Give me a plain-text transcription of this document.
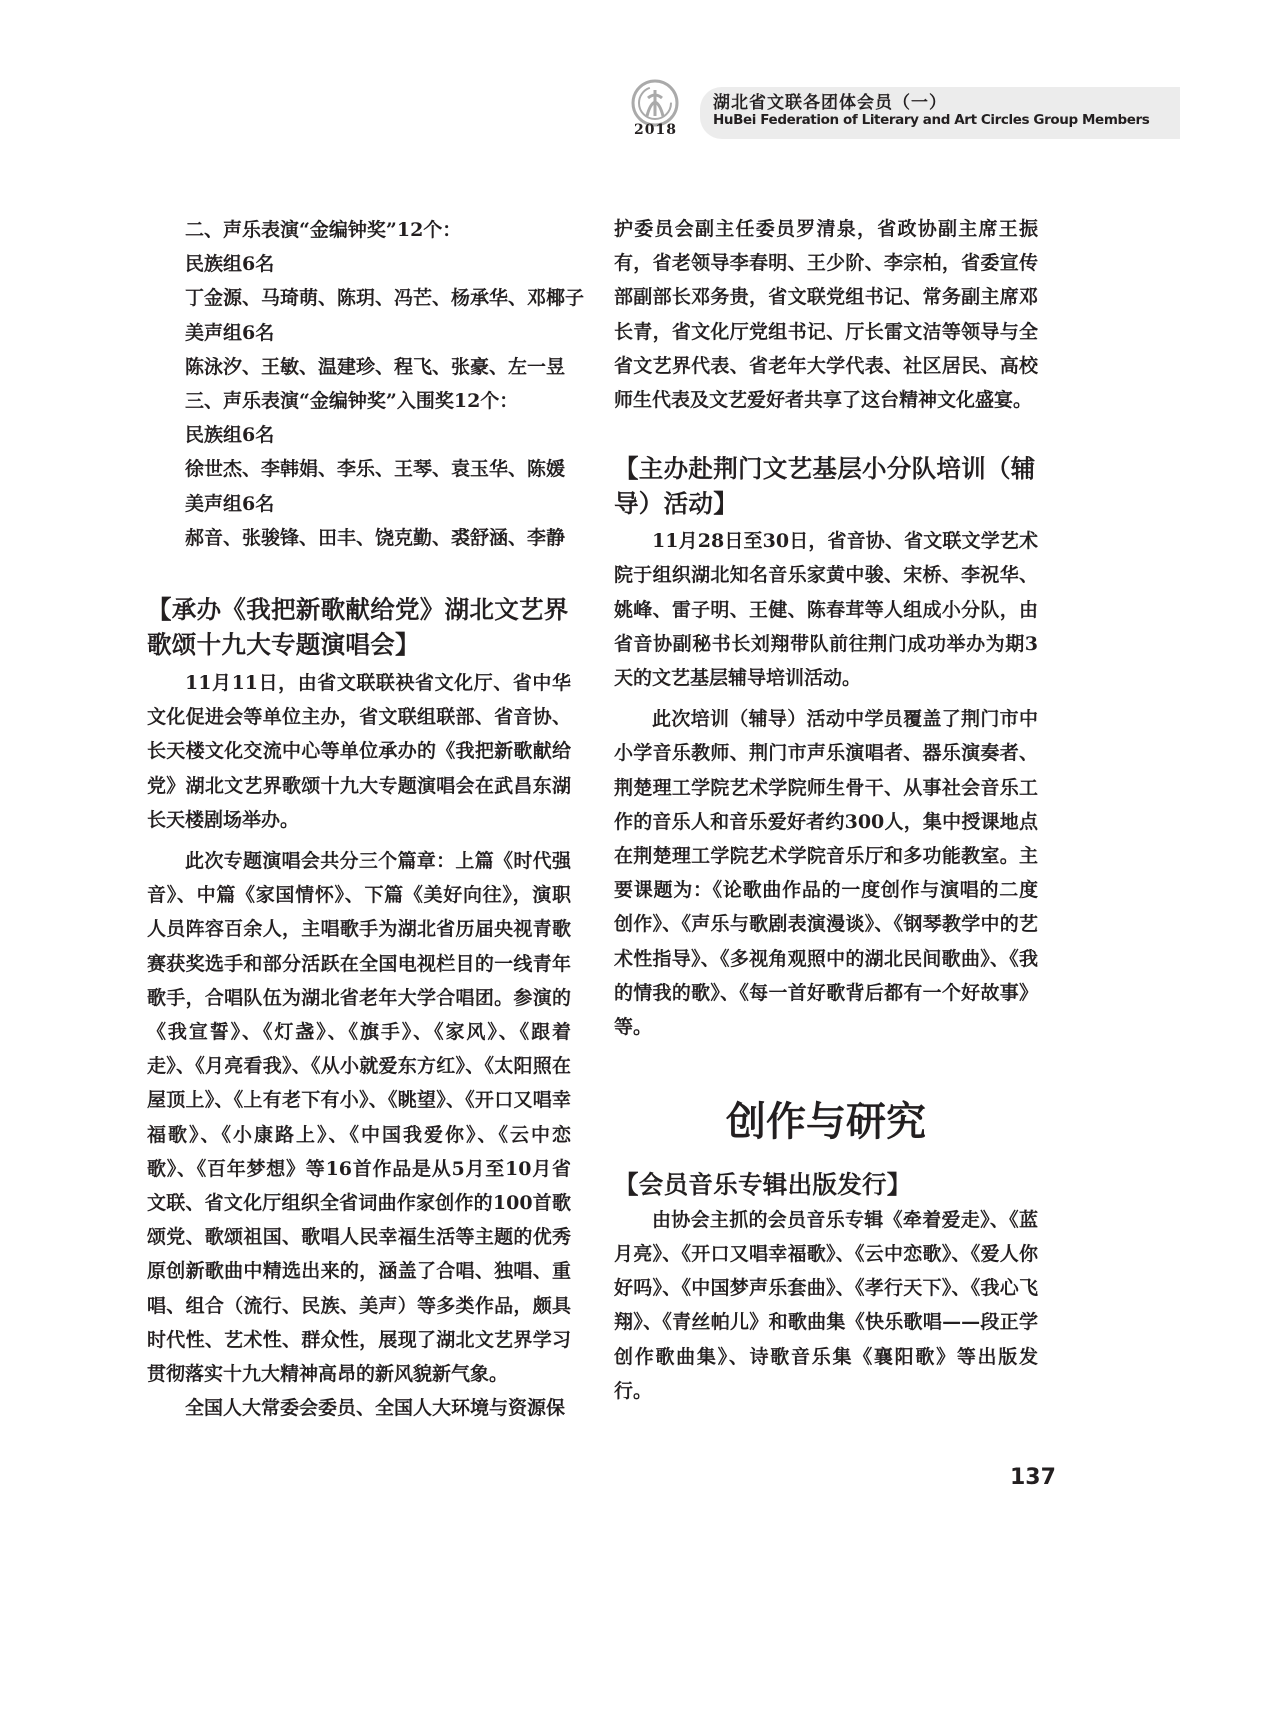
2018
湖北省文联各团体会员（一）
HuBei Federation of Literary and Art Circles Group Members
二、声乐表演“金编钟奖”12个：
民族组6名
丁金源、马琦萌、陈玥、冯芒、杨承华、邓椰子
美声组6名
陈泳汐、王敏、温建珍、程飞、张豪、左一昱
三、声乐表演“金编钟奖”入围奖12个：
民族组6名
徐世杰、李韩娟、李乐、王琴、袁玉华、陈媛
美声组6名
郝音、张骏锋、田丰、饶克勤、裘舒涵、李静
【承办《我把新歌献给党》湖北文艺界歌颂十九大专题演唱会】

11月11日，由省文联联袂省文化厅、省中华文化促进会等单位主办，省文联组联部、省音协、长天楼文化交流中心等单位承办的《我把新歌献给党》湖北文艺界歌颂十九大专题演唱会在武昌东湖长天楼剧场举办。

此次专题演唱会共分三个篇章：上篇《时代强音》、中篇《家国情怀》、下篇《美好向往》，演职人员阵容百余人，主唱歌手为湖北省历届央视青歌赛获奖选手和部分活跃在全国电视栏目的一线青年歌手，合唱队伍为湖北省老年大学合唱团。参演的《我宣誓》、《灯盏》、《旗手》、《家风》、《跟着走》、《月亮看我》、《从小就爱东方红》、《太阳照在屋顶上》、《上有老下有小》、《眺望》、《开口又唱幸福歌》、《小康路上》、《中国我爱你》、《云中恋歌》、《百年梦想》等16首作品是从5月至10月省文联、省文化厅组织全省词曲作家创作的100首歌颂党、歌颂祖国、歌唱人民幸福生活等主题的优秀原创新歌曲中精选出来的，涵盖了合唱、独唱、重唱、组合（流行、民族、美声）等多类作品，颇具时代性、艺术性、群众性，展现了湖北文艺界学习贯彻落实十九大精神高昂的新风貌新气象。

全国人大常委会委员、全国人大环境与资源保

护委员会副主任委员罗清泉，省政协副主席王振有，省老领导李春明、王少阶、李宗柏，省委宣传部副部长邓务贵，省文联党组书记、常务副主席邓长青，省文化厅党组书记、厅长雷文洁等领导与全省文艺界代表、省老年大学代表、社区居民、高校师生代表及文艺爱好者共享了这台精神文化盛宴。

【主办赴荆门文艺基层小分队培训（辅导）活动】

11月28日至30日，省音协、省文联文学艺术院于组织湖北知名音乐家黄中骏、宋桥、李祝华、姚峰、雷子明、王健、陈春茸等人组成小分队，由省音协副秘书长刘翔带队前往荆门成功举办为期3天的文艺基层辅导培训活动。

此次培训（辅导）活动中学员覆盖了荆门市中小学音乐教师、荆门市声乐演唱者、器乐演奏者、荆楚理工学院艺术学院师生骨干、从事社会音乐工作的音乐人和音乐爱好者约300人，集中授课地点在荆楚理工学院艺术学院音乐厅和多功能教室。主要课题为：《论歌曲作品的一度创作与演唱的二度创作》、《声乐与歌剧表演漫谈》、《钢琴教学中的艺术性指导》、《多视角观照中的湖北民间歌曲》、《我的情我的歌》、《每一首好歌背后都有一个好故事》等。

创作与研究
【会员音乐专辑出版发行】

由协会主抓的会员音乐专辑《牵着爱走》、《蓝月亮》、《开口又唱幸福歌》、《云中恋歌》、《爱人你好吗》、《中国梦声乐套曲》、《孝行天下》、《我心飞翔》、《青丝帕儿》和歌曲集《快乐歌唱——段正学创作歌曲集》、诗歌音乐集《襄阳歌》等出版发行。

137
